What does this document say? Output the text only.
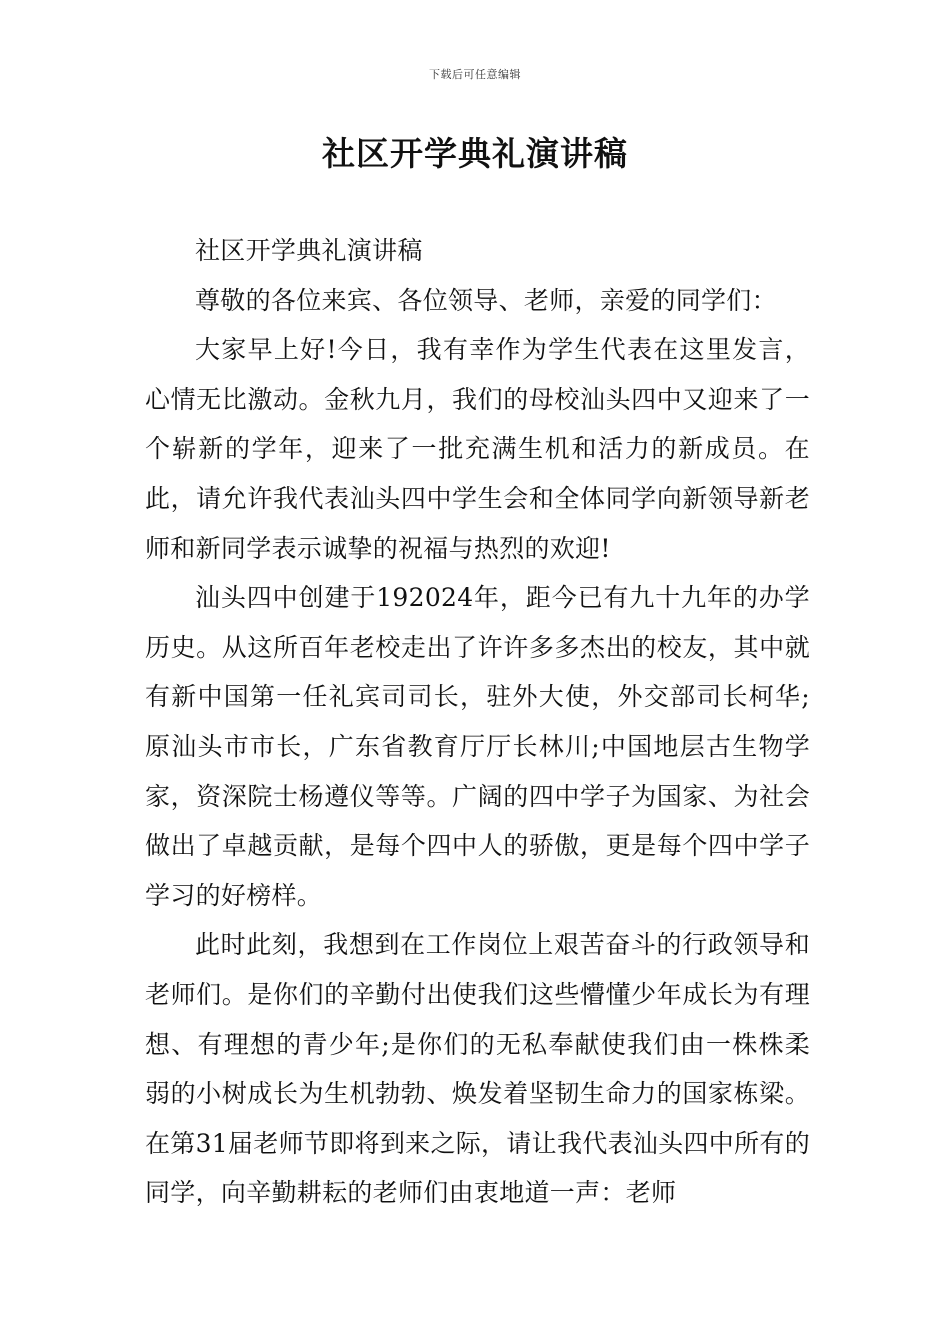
下载后可任意编辑
社区开学典礼演讲稿

社区开学典礼演讲稿

尊敬的各位来宾、各位领导、老师，亲爱的同学们：

大家早上好!今日，我有幸作为学生代表在这里发言，心情无比激动。金秋九月，我们的母校汕头四中又迎来了一个崭新的学年，迎来了一批充满生机和活力的新成员。在此，请允许我代表汕头四中学生会和全体同学向新领导新老师和新同学表示诚挚的祝福与热烈的欢迎!

汕头四中创建于192024年，距今已有九十九年的办学历史。从这所百年老校走出了许许多多杰出的校友，其中就有新中国第一任礼宾司司长，驻外大使，外交部司长柯华;原汕头市市长，广东省教育厅厅长林川;中国地层古生物学家，资深院士杨遵仪等等。广阔的四中学子为国家、为社会做出了卓越贡献，是每个四中人的骄傲，更是每个四中学子学习的好榜样。

此时此刻，我想到在工作岗位上艰苦奋斗的行政领导和老师们。是你们的辛勤付出使我们这些懵懂少年成长为有理想、有理想的青少年;是你们的无私奉献使我们由一株株柔弱的小树成长为生机勃勃、焕发着坚韧生命力的国家栋梁。在第31届老师节即将到来之际，请让我代表汕头四中所有的同学，向辛勤耕耘的老师们由衷地道一声：老师
